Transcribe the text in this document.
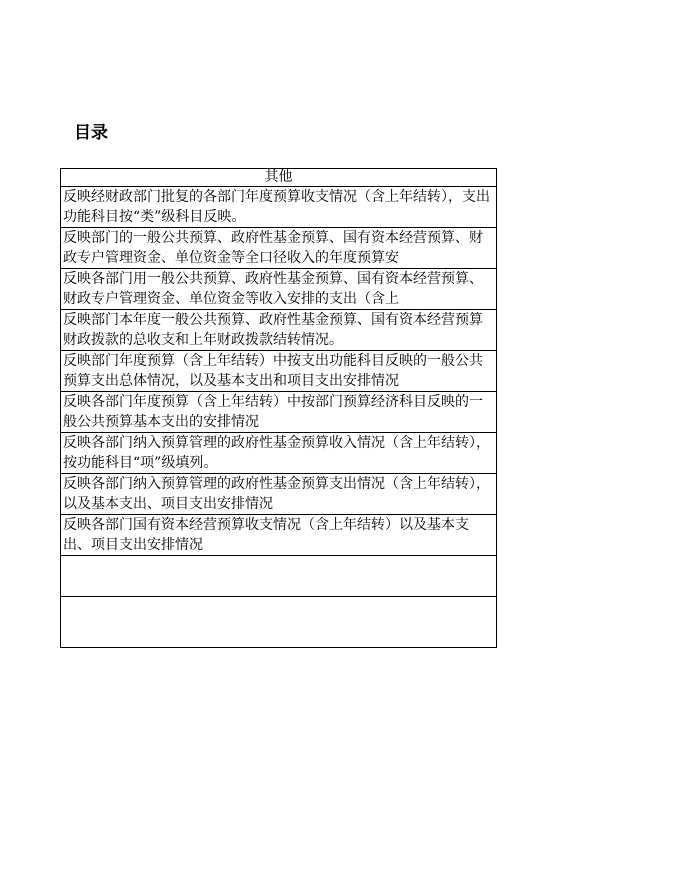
目录
其他

反映经财政部门批复的各部门年度预算收支情况（含上年结转），支出功能科目按“类”级科目反映。

反映部门的一般公共预算、政府性基金预算、国有资本经营预算、财政专户管理资金、单位资金等全口径收入的年度预算安

反映各部门用一般公共预算、政府性基金预算、国有资本经营预算、财政专户管理资金、单位资金等收入安排的支出（含上

反映部门本年度一般公共预算、政府性基金预算、国有资本经营预算财政拨款的总收支和上年财政拨款结转情况。

反映部门年度预算（含上年结转）中按支出功能科目反映的一般公共预算支出总体情况，以及基本支出和项目支出安排情况

反映各部门年度预算（含上年结转）中按部门预算经济科目反映的一般公共预算基本支出的安排情况

反映各部门纳入预算管理的政府性基金预算收入情况（含上年结转），按功能科目“项”级填列。

反映各部门纳入预算管理的政府性基金预算支出情况（含上年结转），以及基本支出、项目支出安排情况

反映各部门国有资本经营预算收支情况（含上年结转）以及基本支出、项目支出安排情况
